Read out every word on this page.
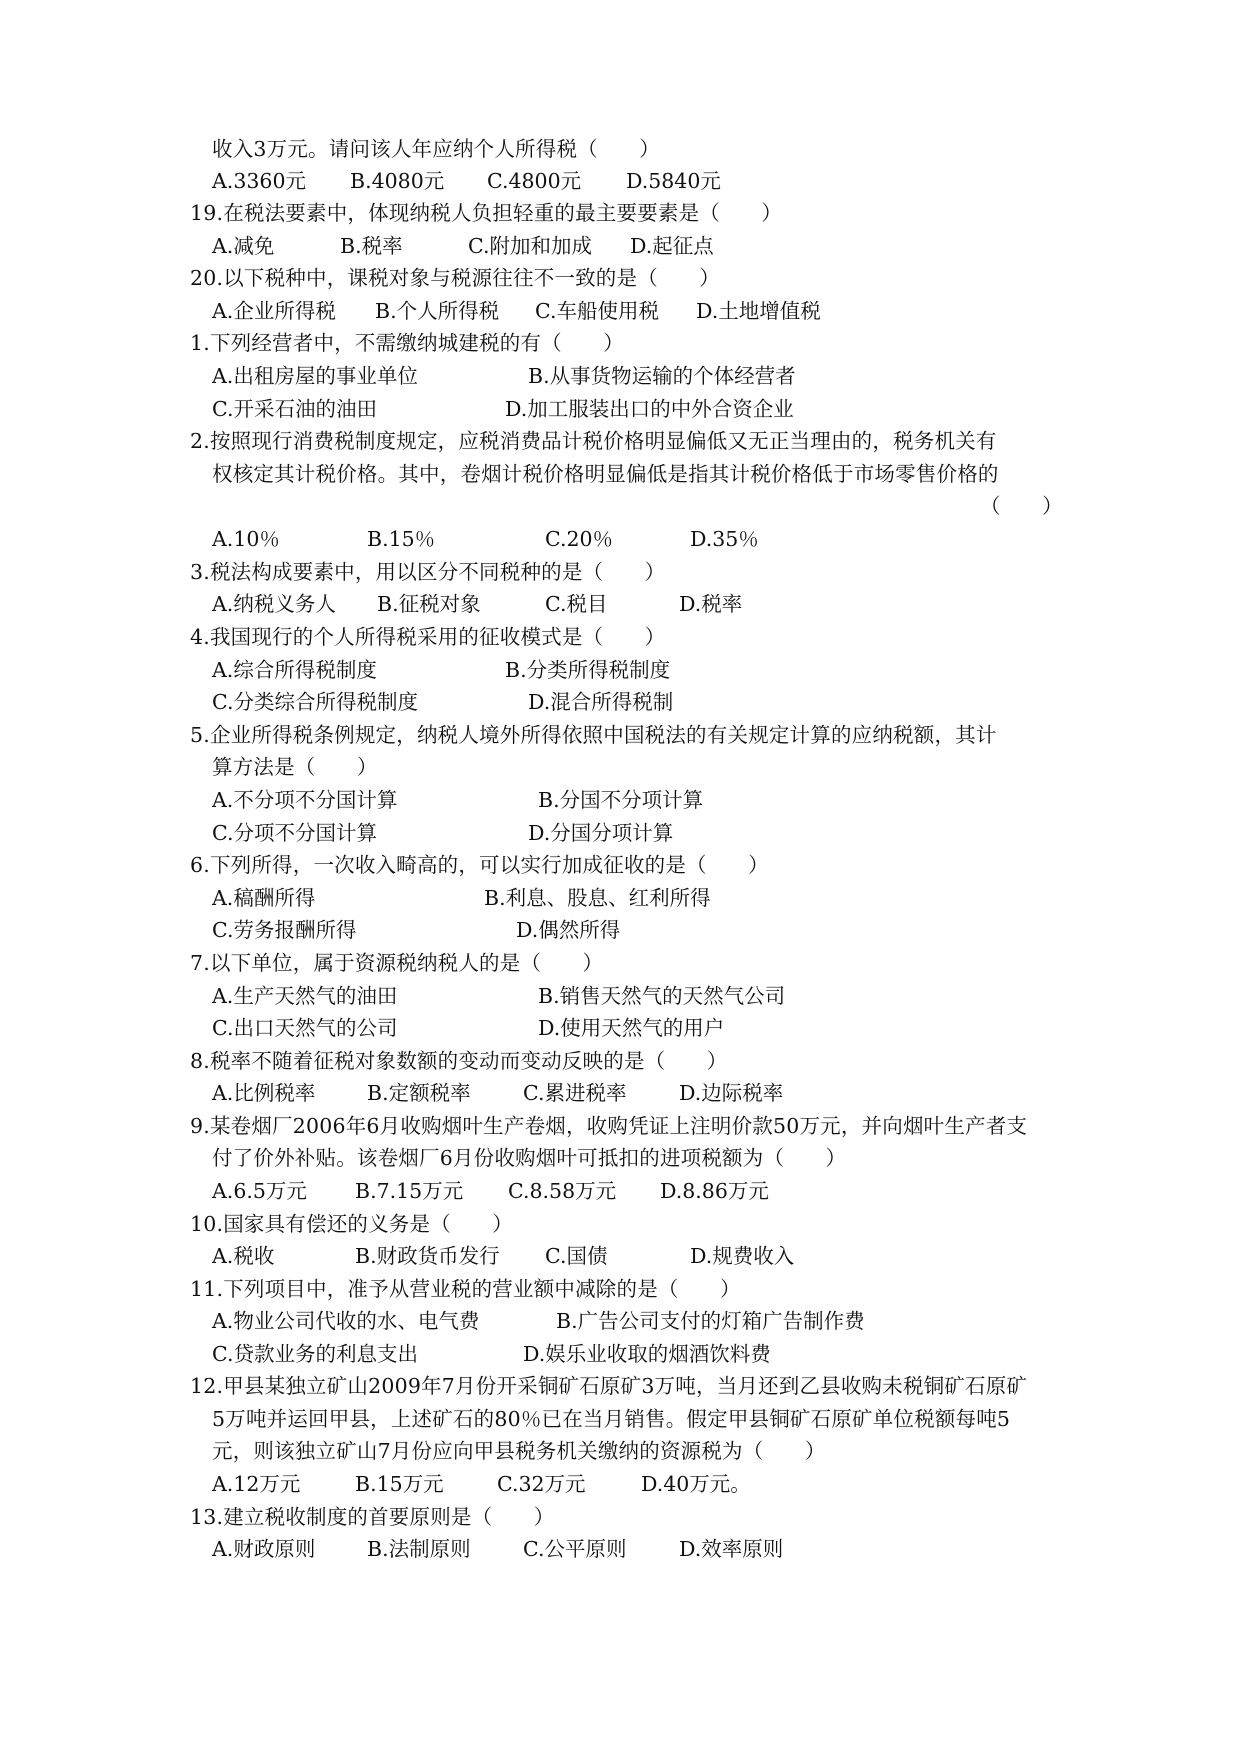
收入3万元。请问该人年应纳个人所得税（　　）
A.3360元 B.4080元 C.4800元 D.5840元
19.在税法要素中，体现纳税人负担轻重的最主要要素是（　　）
A.减免	B.税率	C.附加和加成 D.起征点
20.以下税种中，课税对象与税源往往不一致的是（　　）
A.企业所得税 B.个人所得税 C.车船使用税 D.土地增值税
1.下列经营者中，不需缴纳城建税的有（　　）
A.出租房屋的事业单位	B.从事货物运输的个体经营者
C.开采石油的油田	D.加工服装出口的中外合资企业
2.按照现行消费税制度规定，应税消费品计税价格明显偏低又无正当理由的，税务机关有
权核定其计税价格。其中，卷烟计税价格明显偏低是指其计税价格低于市场零售价格的
（　　）
A.10％	B.15％	C.20％	D.35％
3.税法构成要素中，用以区分不同税种的是（　　）
A.纳税义务人 B.征税对象	C.税目	D.税率
4.我国现行的个人所得税采用的征收模式是（　　）
A.综合所得税制度	B.分类所得税制度
C.分类综合所得税制度	D.混合所得税制
5.企业所得税条例规定，纳税人境外所得依照中国税法的有关规定计算的应纳税额，其计
算方法是（　　）
A.不分项不分国计算	B.分国不分项计算
C.分项不分国计算	D.分国分项计算
6.下列所得，一次收入畸高的，可以实行加成征收的是（　　）
A.稿酬所得	B.利息、股息、红利所得
C.劳务报酬所得	D.偶然所得
7.以下单位，属于资源税纳税人的是（　　）
A.生产天然气的油田	B.销售天然气的天然气公司
C.出口天然气的公司	D.使用天然气的用户
8.税率不随着征税对象数额的变动而变动反映的是（　　）
A.比例税率	B.定额税率	C.累进税率	D.边际税率
9.某卷烟厂2006年6月收购烟叶生产卷烟，收购凭证上注明价款50万元，并向烟叶生产者支
付了价外补贴。该卷烟厂6月份收购烟叶可抵扣的进项税额为（　　）
A.6.5万元 B.7.15万元 C.8.58万元 D.8.86万元
10.国家具有偿还的义务是（　　）
A.税收	B.财政货币发行 C.国债	D.规费收入
11.下列项目中，准予从营业税的营业额中减除的是（　　）
A.物业公司代收的水、电气费	B.广告公司支付的灯箱广告制作费
C.贷款业务的利息支出	D.娱乐业收取的烟酒饮料费
12.甲县某独立矿山2009年7月份开采铜矿石原矿3万吨，当月还到乙县收购未税铜矿石原矿
5万吨并运回甲县，上述矿石的80％已在当月销售。假定甲县铜矿石原矿单位税额每吨5
元，则该独立矿山7月份应向甲县税务机关缴纳的资源税为（　　）
A.12万元	B.15万元	C.32万元	D.40万元。
13.建立税收制度的首要原则是（　　）
A.财政原则	B.法制原则	C.公平原则	D.效率原则
